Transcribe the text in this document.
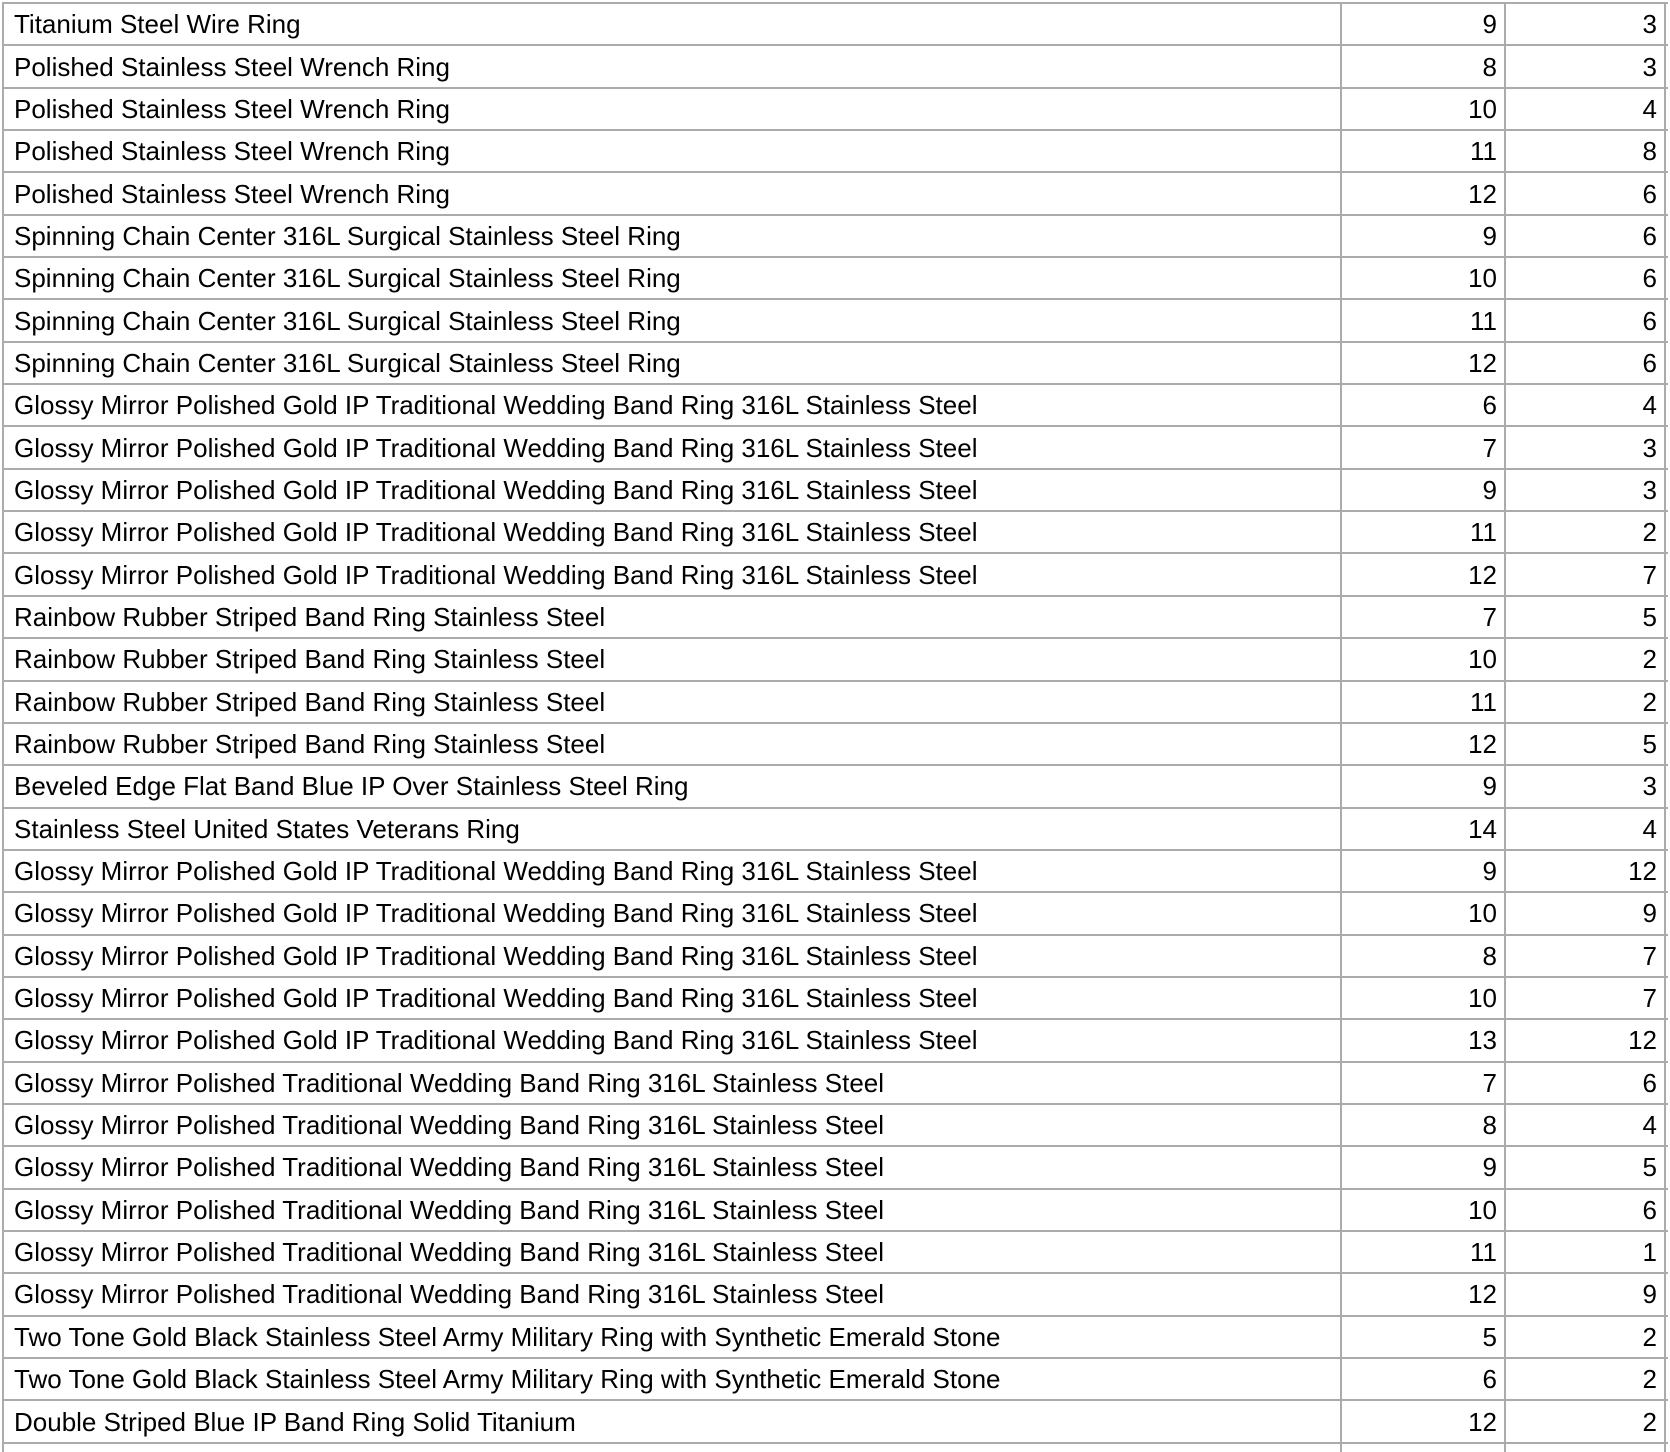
Titanium Steel Wire Ring	9	3
Polished Stainless Steel Wrench Ring	8	3
Polished Stainless Steel Wrench Ring	10	4
Polished Stainless Steel Wrench Ring	11	8
Polished Stainless Steel Wrench Ring	12	6
Spinning Chain Center 316L Surgical Stainless Steel Ring	9	6
Spinning Chain Center 316L Surgical Stainless Steel Ring	10	6
Spinning Chain Center 316L Surgical Stainless Steel Ring	11	6
Spinning Chain Center 316L Surgical Stainless Steel Ring	12	6
Glossy Mirror Polished Gold IP Traditional Wedding Band Ring 316L Stainless Steel	6	4
Glossy Mirror Polished Gold IP Traditional Wedding Band Ring 316L Stainless Steel	7	3
Glossy Mirror Polished Gold IP Traditional Wedding Band Ring 316L Stainless Steel	9	3
Glossy Mirror Polished Gold IP Traditional Wedding Band Ring 316L Stainless Steel	11	2
Glossy Mirror Polished Gold IP Traditional Wedding Band Ring 316L Stainless Steel	12	7
Rainbow Rubber Striped Band Ring Stainless Steel	7	5
Rainbow Rubber Striped Band Ring Stainless Steel	10	2
Rainbow Rubber Striped Band Ring Stainless Steel	11	2
Rainbow Rubber Striped Band Ring Stainless Steel	12	5
Beveled Edge Flat Band Blue IP Over Stainless Steel Ring	9	3
Stainless Steel United States Veterans Ring	14	4
Glossy Mirror Polished Gold IP Traditional Wedding Band Ring 316L Stainless Steel	9	12
Glossy Mirror Polished Gold IP Traditional Wedding Band Ring 316L Stainless Steel	10	9
Glossy Mirror Polished Gold IP Traditional Wedding Band Ring 316L Stainless Steel	8	7
Glossy Mirror Polished Gold IP Traditional Wedding Band Ring 316L Stainless Steel	10	7
Glossy Mirror Polished Gold IP Traditional Wedding Band Ring 316L Stainless Steel	13	12
Glossy Mirror Polished Traditional Wedding Band Ring 316L Stainless Steel	7	6
Glossy Mirror Polished Traditional Wedding Band Ring 316L Stainless Steel	8	4
Glossy Mirror Polished Traditional Wedding Band Ring 316L Stainless Steel	9	5
Glossy Mirror Polished Traditional Wedding Band Ring 316L Stainless Steel	10	6
Glossy Mirror Polished Traditional Wedding Band Ring 316L Stainless Steel	11	1
Glossy Mirror Polished Traditional Wedding Band Ring 316L Stainless Steel	12	9
Two Tone Gold Black Stainless Steel Army Military Ring with Synthetic Emerald Stone	5	2
Two Tone Gold Black Stainless Steel Army Military Ring with Synthetic Emerald Stone	6	2
Double Striped Blue IP Band Ring Solid Titanium	12	2
